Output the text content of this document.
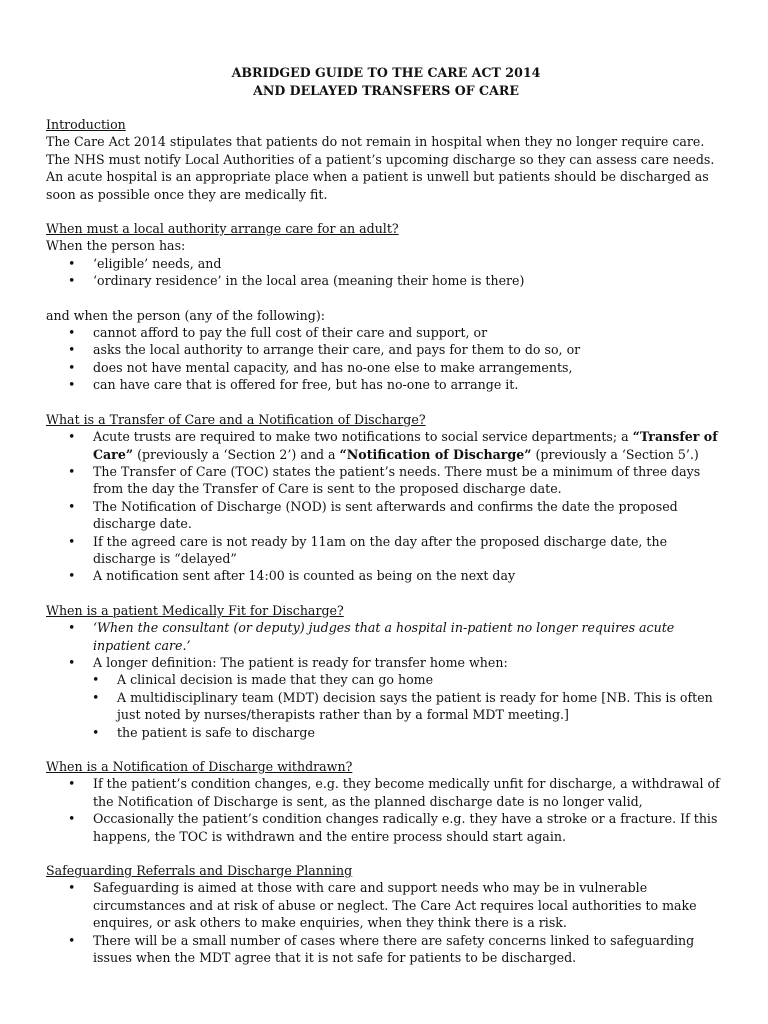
ABRIDGED GUIDE TO THE CARE ACT 2014
AND DELAYED TRANSFERS OF CARE

Introduction

The Care Act 2014 stipulates that patients do not remain in hospital when they no longer require care. The NHS must notify Local Authorities of a patient’s upcoming discharge so they can assess care needs. An acute hospital is an appropriate place when a patient is unwell but patients should be discharged as soon as possible once they are medically fit.

When must a local authority arrange care for an adult?

When the person has:

• ‘eligible’ needs, and
• ‘ordinary residence’ in the local area (meaning their home is there)

and when the person (any of the following):

• cannot afford to pay the full cost of their care and support, or
• asks the local authority to arrange their care, and pays for them to do so, or
• does not have mental capacity, and has no-one else to make arrangements,
• can have care that is offered for free, but has no-one to arrange it.

What is a Transfer of Care and a Notification of Discharge?

• Acute trusts are required to make two notifications to social service departments; a “Transfer of Care” (previously a ‘Section 2’) and a “Notification of Discharge” (previously a ‘Section 5’.)
• The Transfer of Care (TOC) states the patient’s needs. There must be a minimum of three days from the day the Transfer of Care is sent to the proposed discharge date.
• The Notification of Discharge (NOD) is sent afterwards and confirms the date the proposed discharge date.
• If the agreed care is not ready by 11am on the day after the proposed discharge date, the discharge is “delayed”
• A notification sent after 14:00 is counted as being on the next day

When is a patient Medically Fit for Discharge?

• ‘When the consultant (or deputy) judges that a hospital in-patient no longer requires acute inpatient care.’
• A longer definition: The patient is ready for transfer home when:
• A clinical decision is made that they can go home
• A multidisciplinary team (MDT) decision says the patient is ready for home [NB. This is often just noted by nurses/therapists rather than by a formal MDT meeting.]
• the patient is safe to discharge

When is a Notification of Discharge withdrawn?

• If the patient’s condition changes, e.g. they become medically unfit for discharge, a withdrawal of the Notification of Discharge is sent, as the planned discharge date is no longer valid,
• Occasionally the patient’s condition changes radically e.g. they have a stroke or a fracture. If this happens, the TOC is withdrawn and the entire process should start again.

Safeguarding Referrals and Discharge Planning

• Safeguarding is aimed at those with care and support needs who may be in vulnerable circumstances and at risk of abuse or neglect. The Care Act requires local authorities to make enquires, or ask others to make enquiries, when they think there is a risk.
• There will be a small number of cases where there are safety concerns linked to safeguarding issues when the MDT agree that it is not safe for patients to be discharged.
